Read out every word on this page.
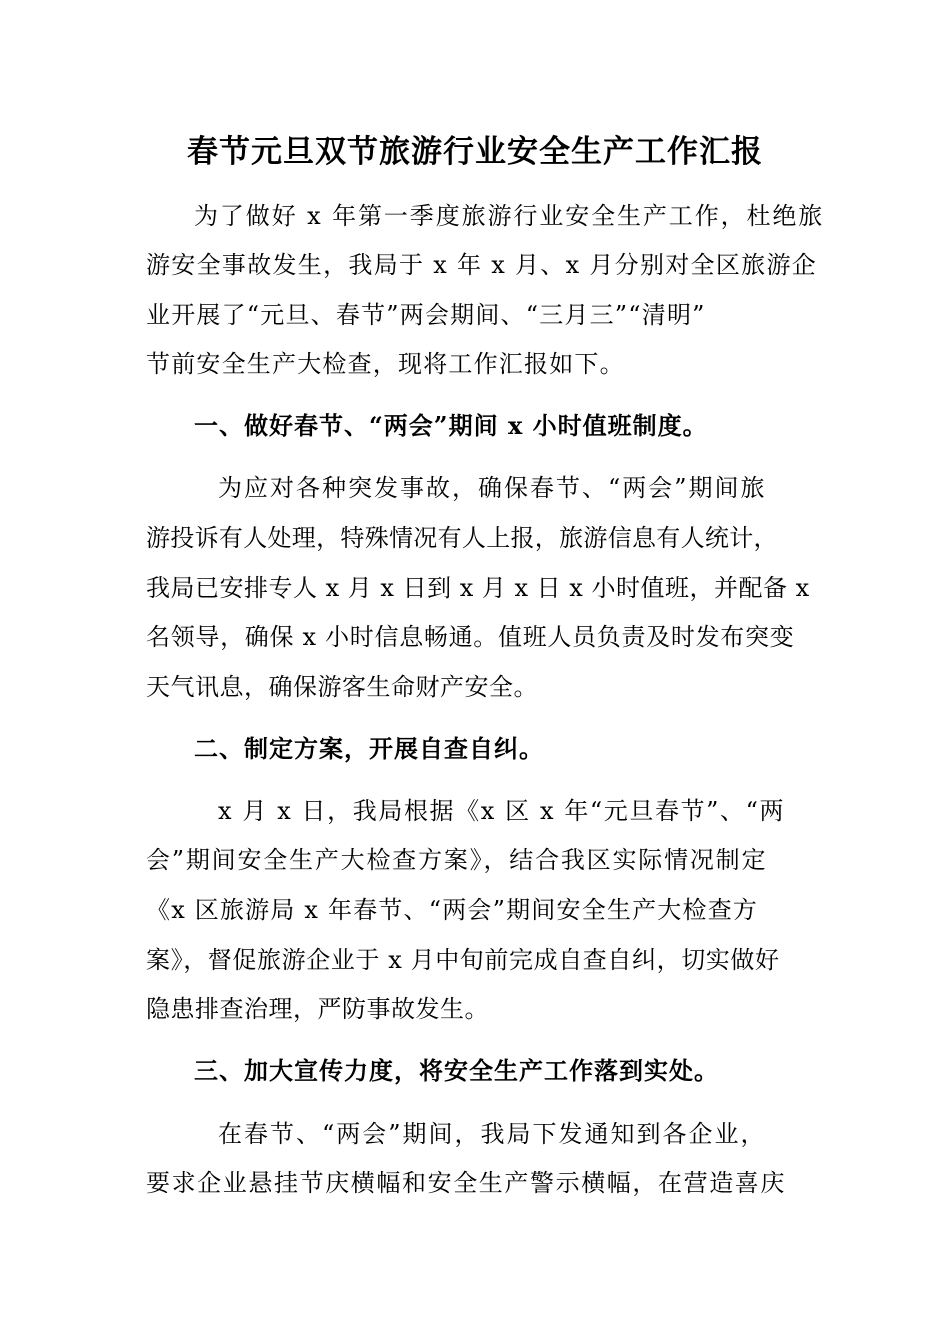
春节元旦双节旅游行业安全生产工作汇报

为了做好 x 年第一季度旅游行业安全生产工作，杜绝旅

游安全事故发生，我局于 x 年 x 月、x 月分别对全区旅游企

业开展了“元旦、春节”两会期间、“三月三”“清明”

节前安全生产大检查，现将工作汇报如下。

一、做好春节、“两会”期间 x 小时值班制度。

为应对各种突发事故，确保春节、“两会”期间旅

游投诉有人处理，特殊情况有人上报，旅游信息有人统计，

我局已安排专人 x 月 x 日到 x 月 x 日 x 小时值班，并配备 x

名领导，确保 x 小时信息畅通。值班人员负责及时发布突变

天气讯息，确保游客生命财产安全。

二、制定方案，开展自查自纠。

x 月 x 日，我局根据《x 区 x 年“元旦春节”、“两

会”期间安全生产大检查方案》，结合我区实际情况制定

《x 区旅游局 x 年春节、“两会”期间安全生产大检查方

案》，督促旅游企业于 x 月中旬前完成自查自纠，切实做好

隐患排查治理，严防事故发生。

三、加大宣传力度，将安全生产工作落到实处。

在春节、“两会”期间，我局下发通知到各企业，

要求企业悬挂节庆横幅和安全生产警示横幅，在营造喜庆
